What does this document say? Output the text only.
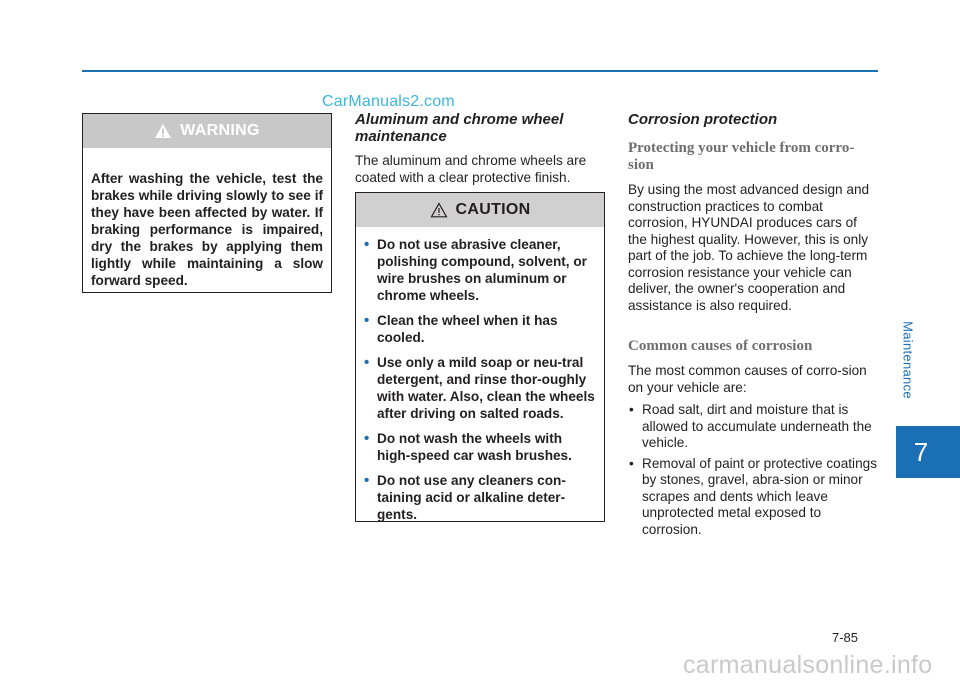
CarManuals2.com
WARNING

After washing the vehicle, test the brakes while driving slowly to see if they have been affected by water. If braking performance is impaired, dry the brakes by applying them lightly while maintaining a slow forward speed.

Aluminum and chrome wheel maintenance

The aluminum and chrome wheels are coated with a clear protective finish.

CAUTION
• Do not use abrasive cleaner, polishing compound, solvent, or wire brushes on aluminum or chrome wheels.
• Clean the wheel when it has cooled.
• Use only a mild soap or neu-tral detergent, and rinse thor-oughly with water. Also, clean the wheels after driving on salted roads.
• Do not wash the wheels with high-speed car wash brushes.
• Do not use any cleaners con-taining acid or alkaline deter-gents.
Corrosion protection
Protecting your vehicle from corro-sion

By using the most advanced design and construction practices to combat corrosion, HYUNDAI produces cars of the highest quality. However, this is only part of the job. To achieve the long-term corrosion resistance your vehicle can deliver, the owner's cooperation and assistance is also required.

Common causes of corrosion

The most common causes of corro-sion on your vehicle are:

• Road salt, dirt and moisture that is allowed to accumulate underneath the vehicle.
• Removal of paint or protective coatings by stones, gravel, abra-sion or minor scrapes and dents which leave unprotected metal exposed to corrosion.
Maintenance
7
7-85
carmanualsonline.info
